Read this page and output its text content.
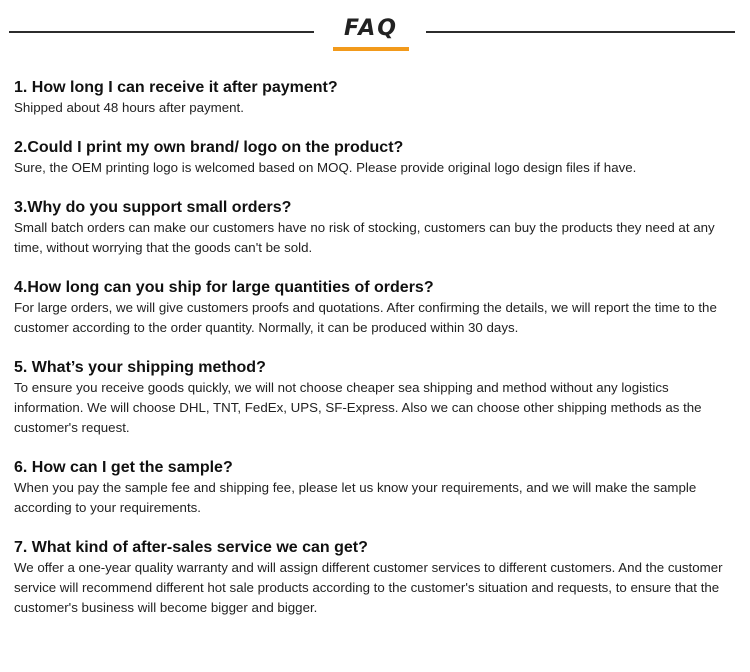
FAQ
1. How long I can receive it after payment?
Shipped about 48 hours after payment.
2.Could I print my own brand/ logo on the product?
Sure, the OEM printing logo is welcomed based on MOQ. Please provide original logo design files if have.
3.Why do you support small orders?
Small batch orders can make our customers have no risk of stocking, customers can buy the products they need at any time, without worrying that the goods can't be sold.
4.How long can you ship for large quantities of orders?
For large orders, we will give customers proofs and quotations. After confirming the details, we will report the time to the customer according to the order quantity. Normally, it can be produced within 30 days.
5. What’s your shipping method?
To ensure you receive goods quickly, we will not choose cheaper sea shipping and method without any logistics information. We will choose DHL, TNT, FedEx, UPS, SF-Express. Also we can choose other shipping methods as the customer's request.
6. How can I get the sample?
When you pay the sample fee and shipping fee, please let us know your requirements, and we will make the sample according to your requirements.
7. What kind of after-sales service we can get?
We offer a one-year quality warranty and will assign different customer services to different customers. And the customer service will recommend different hot sale products according to the customer's situation and requests, to ensure that the customer's business will become bigger and bigger.
